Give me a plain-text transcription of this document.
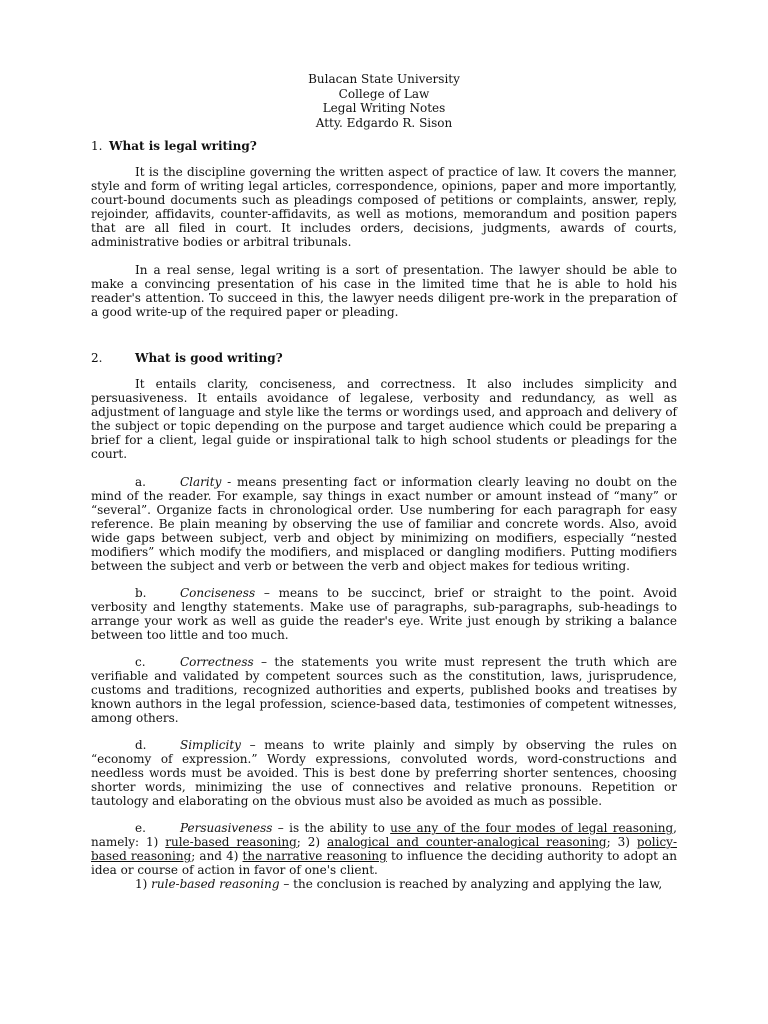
Bulacan State University
College of Law
Legal Writing Notes
Atty. Edgardo R. Sison

1. What is legal writing?

It is the discipline governing the written aspect of practice of law. It covers the manner, style and form of writing legal articles, correspondence, opinions, paper and more importantly, court-bound documents such as pleadings composed of petitions or complaints, answer, reply, rejoinder, affidavits, counter-affidavits, as well as motions, memorandum and position papers that are all filed in court. It includes orders, decisions, judgments, awards of courts, administrative bodies or arbitral tribunals.

In a real sense, legal writing is a sort of presentation. The lawyer should be able to make a convincing presentation of his case in the limited time that he is able to hold his reader's attention. To succeed in this, the lawyer needs diligent pre-work in the preparation of a good write-up of the required paper or pleading.

2.	What is good writing?

It entails clarity, conciseness, and correctness. It also includes simplicity and persuasiveness. It entails avoidance of legalese, verbosity and redundancy, as well as adjustment of language and style like the terms or wordings used, and approach and delivery of the subject or topic depending on the purpose and target audience which could be preparing a brief for a client, legal guide or inspirational talk to high school students or pleadings for the court.

a.	Clarity - means presenting fact or information clearly leaving no doubt on the mind of the reader. For example, say things in exact number or amount instead of “many” or “several”. Organize facts in chronological order. Use numbering for each paragraph for easy reference. Be plain meaning by observing the use of familiar and concrete words. Also, avoid wide gaps between subject, verb and object by minimizing on modifiers, especially “nested modifiers” which modify the modifiers, and misplaced or dangling modifiers. Putting modifiers between the subject and verb or between the verb and object makes for tedious writing.

b.	Conciseness – means to be succinct, brief or straight to the point. Avoid verbosity and lengthy statements. Make use of paragraphs, sub-paragraphs, sub-headings to arrange your work as well as guide the reader's eye. Write just enough by striking a balance between too little and too much.

c.	Correctness – the statements you write must represent the truth which are verifiable and validated by competent sources such as the constitution, laws, jurisprudence, customs and traditions, recognized authorities and experts, published books and treatises by known authors in the legal profession, science-based data, testimonies of competent witnesses, among others.

d.	Simplicity – means to write plainly and simply by observing the rules on “economy of expression.” Wordy expressions, convoluted words, word-constructions and needless words must be avoided. This is best done by preferring shorter sentences, choosing shorter words, minimizing the use of connectives and relative pronouns. Repetition or tautology and elaborating on the obvious must also be avoided as much as possible.

e.	Persuasiveness – is the ability to use any of the four modes of legal reasoning, namely: 1) rule-based reasoning; 2) analogical and counter-analogical reasoning; 3) policy-based reasoning; and 4) the narrative reasoning to influence the deciding authority to adopt an idea or course of action in favor of one's client.

1) rule-based reasoning – the conclusion is reached by analyzing and applying the law,
